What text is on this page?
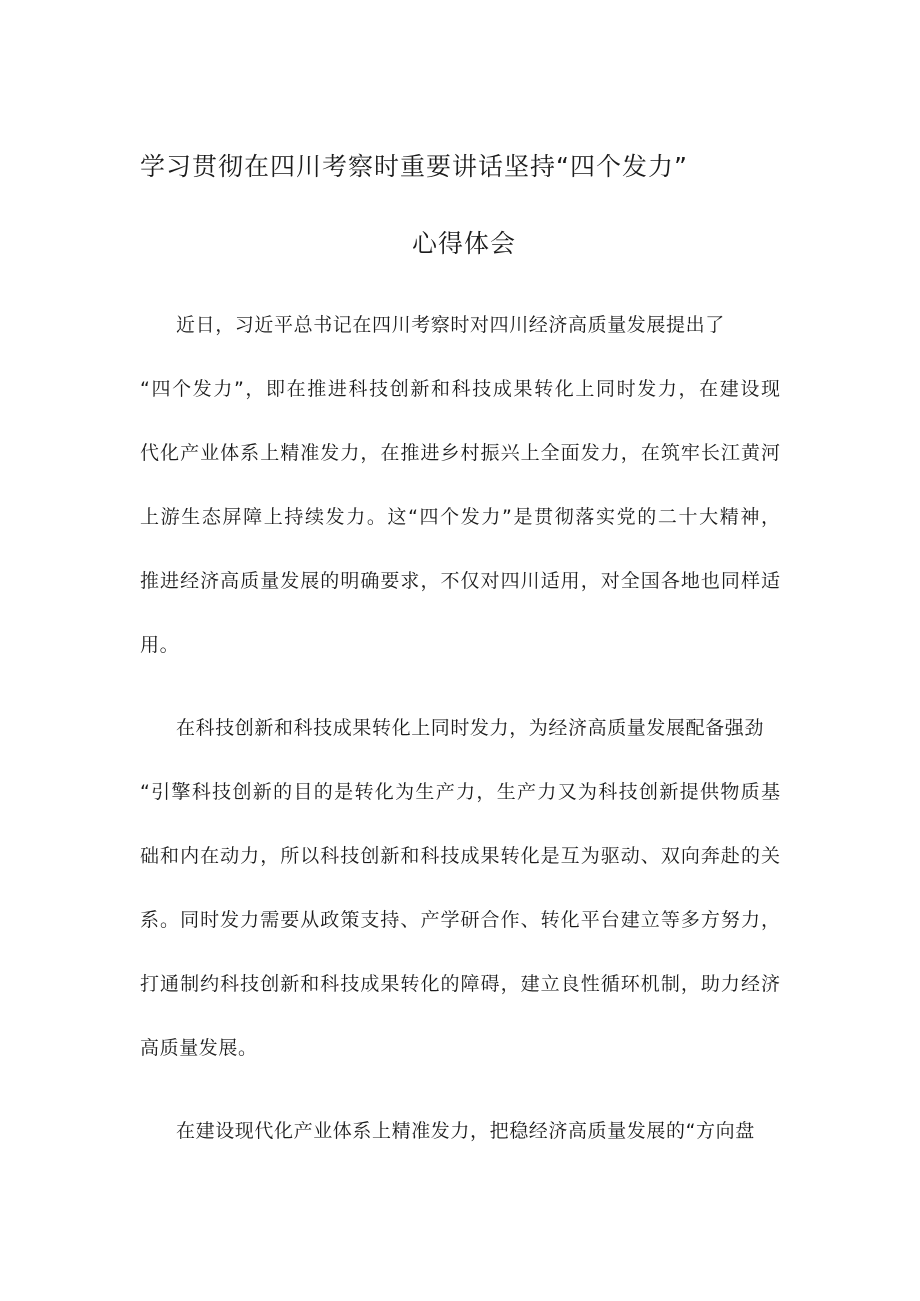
学习贯彻在四川考察时重要讲话坚持“四个发力”
心得体会

近日，习近平总书记在四川考察时对四川经济高质量发展提出了

“四个发力”，即在推进科技创新和科技成果转化上同时发力，在建设现

代化产业体系上精准发力，在推进乡村振兴上全面发力，在筑牢长江黄河

上游生态屏障上持续发力。这“四个发力”是贯彻落实党的二十大精神，

推进经济高质量发展的明确要求，不仅对四川适用，对全国各地也同样适

用。

在科技创新和科技成果转化上同时发力，为经济高质量发展配备强劲

“引擎科技创新的目的是转化为生产力，生产力又为科技创新提供物质基

础和内在动力，所以科技创新和科技成果转化是互为驱动、双向奔赴的关

系。同时发力需要从政策支持、产学研合作、转化平台建立等多方努力，

打通制约科技创新和科技成果转化的障碍，建立良性循环机制，助力经济

高质量发展。

在建设现代化产业体系上精准发力，把稳经济高质量发展的“方向盘
